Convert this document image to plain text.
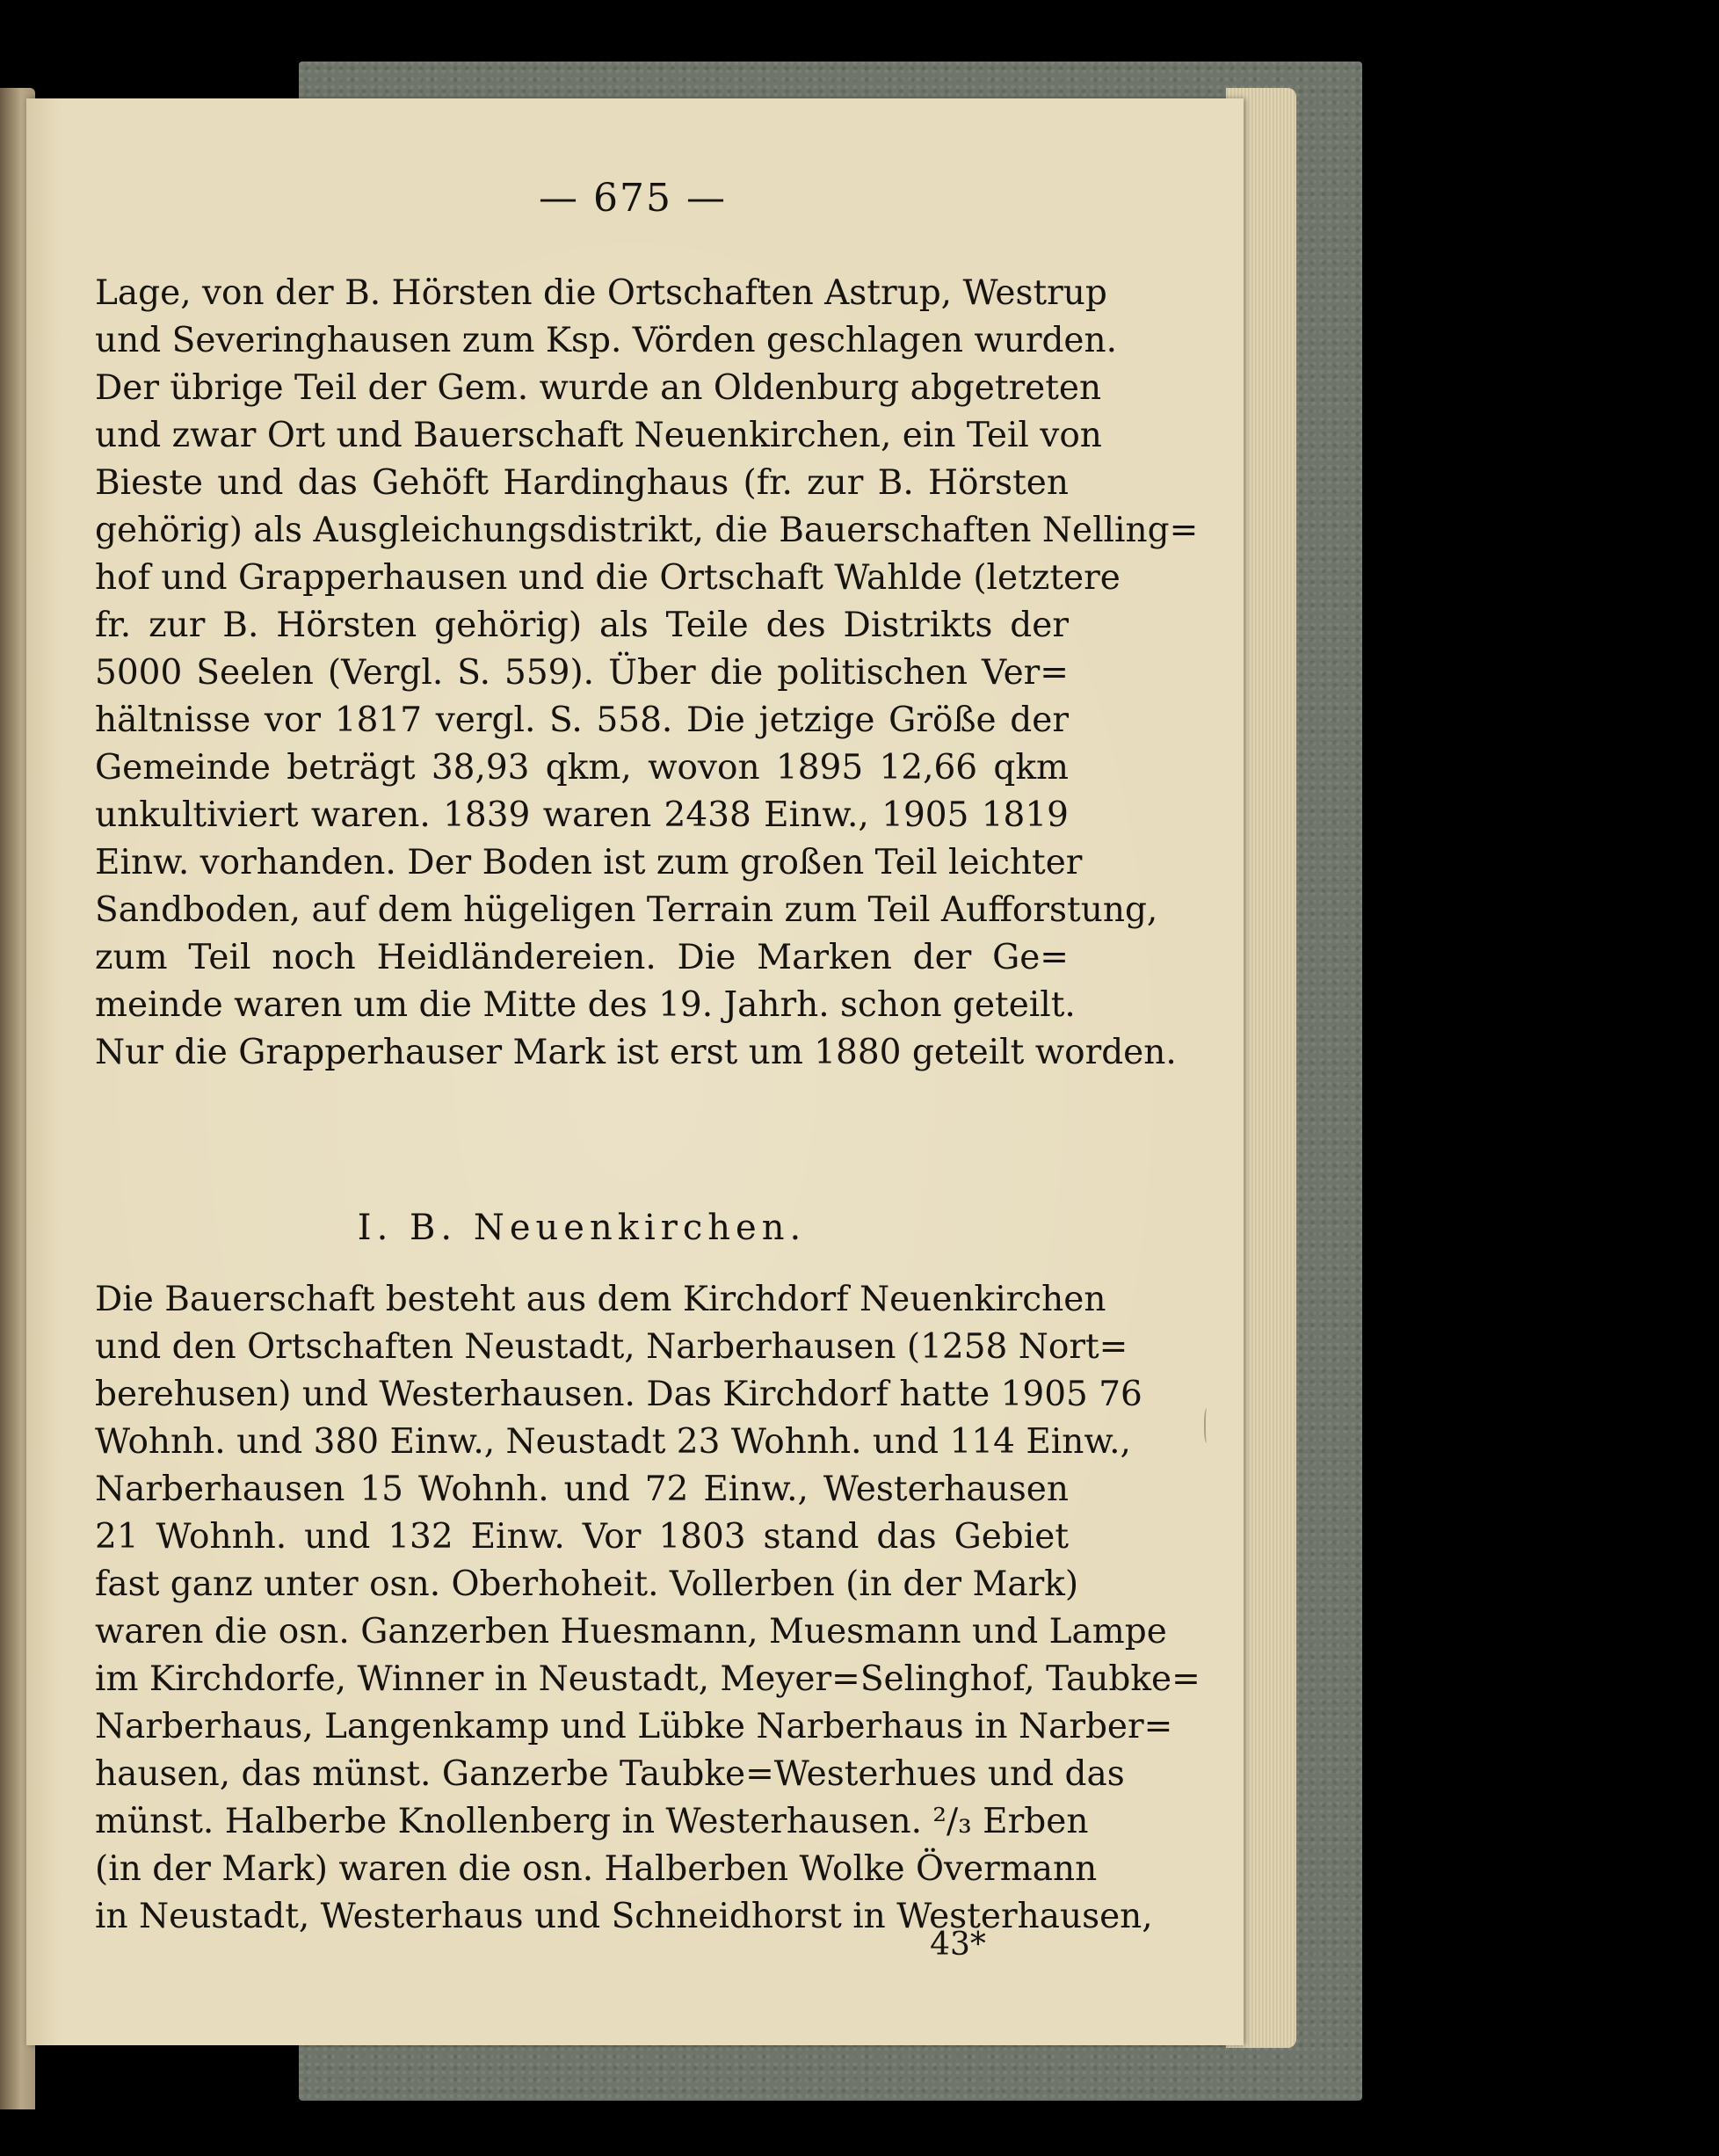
— 675 —
Lage, von der B. Hörsten die Ortschaften Astrup, Westrup
und Severinghausen zum Ksp. Vörden geschlagen wurden.
Der übrige Teil der Gem. wurde an Oldenburg abgetreten
und zwar Ort und Bauerschaft Neuenkirchen, ein Teil von
Bieste und das Gehöft Hardinghaus (fr. zur B. Hörsten
gehörig) als Ausgleichungsdistrikt, die Bauerschaften Nelling=
hof und Grapperhausen und die Ortschaft Wahlde (letztere
fr. zur B. Hörsten gehörig) als Teile des Distrikts der
5000 Seelen (Vergl. S. 559). Über die politischen Ver=
hältnisse vor 1817 vergl. S. 558. Die jetzige Größe der
Gemeinde beträgt 38,93 qkm, wovon 1895 12,66 qkm
unkultiviert waren. 1839 waren 2438 Einw., 1905 1819
Einw. vorhanden. Der Boden ist zum großen Teil leichter
Sandboden, auf dem hügeligen Terrain zum Teil Aufforstung,
zum Teil noch Heidländereien. Die Marken der Ge=
meinde waren um die Mitte des 19. Jahrh. schon geteilt.
Nur die Grapperhauser Mark ist erst um 1880 geteilt worden.
I. B. Neuenkirchen.
Die Bauerschaft besteht aus dem Kirchdorf Neuenkirchen
und den Ortschaften Neustadt, Narberhausen (1258 Nort=
berehusen) und Westerhausen. Das Kirchdorf hatte 1905 76
Wohnh. und 380 Einw., Neustadt 23 Wohnh. und 114 Einw.,
Narberhausen 15 Wohnh. und 72 Einw., Westerhausen
21 Wohnh. und 132 Einw. Vor 1803 stand das Gebiet
fast ganz unter osn. Oberhoheit. Vollerben (in der Mark)
waren die osn. Ganzerben Huesmann, Muesmann und Lampe
im Kirchdorfe, Winner in Neustadt, Meyer=Selinghof, Taubke=
Narberhaus, Langenkamp und Lübke Narberhaus in Narber=
hausen, das münst. Ganzerbe Taubke=Westerhues und das
münst. Halberbe Knollenberg in Westerhausen. ²/₃ Erben
(in der Mark) waren die osn. Halberben Wolke Övermann
in Neustadt, Westerhaus und Schneidhorst in Westerhausen,
43*
